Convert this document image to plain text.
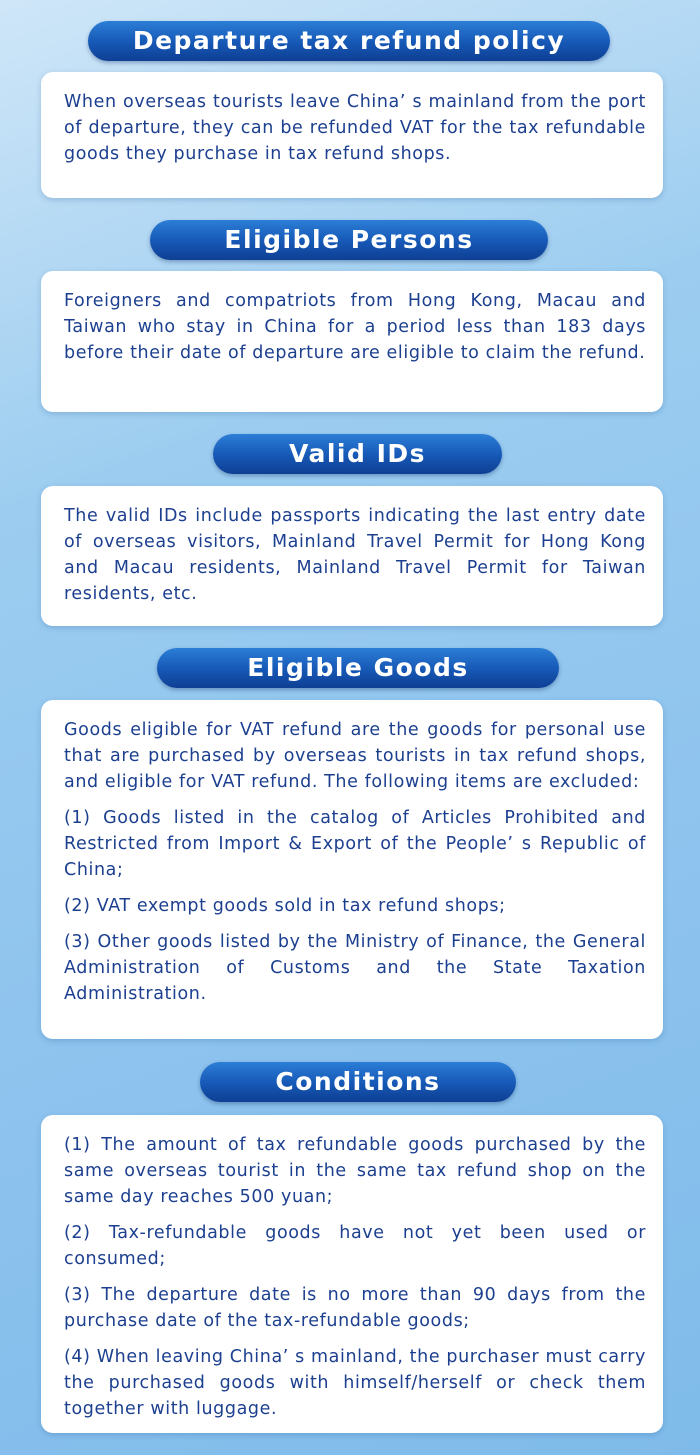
Departure tax refund policy

When overseas tourists leave China’ s mainland from the port of departure, they can be refunded VAT for the tax refundable goods they purchase in tax refund shops.

Eligible Persons

Foreigners and compatriots from Hong Kong, Macau and Taiwan who stay in China for a period less than 183 days before their date of departure are eligible to claim the refund.

Valid IDs

The valid IDs include passports indicating the last entry date of overseas visitors, Mainland Travel Permit for Hong Kong and Macau residents, Mainland Travel Permit for Taiwan residents, etc.

Eligible Goods

Goods eligible for VAT refund are the goods for personal use that are purchased by overseas tourists in tax refund shops, and eligible for VAT refund. The following items are excluded:

(1) Goods listed in the catalog of Articles Prohibited and Restricted from Import & Export of the People’ s Republic of China;

(2) VAT exempt goods sold in tax refund shops;

(3) Other goods listed by the Ministry of Finance, the General Administration of Customs and the State Taxation Administration.

Conditions

(1) The amount of tax refundable goods purchased by the same overseas tourist in the same tax refund shop on the same day reaches 500 yuan;

(2) Tax-refundable goods have not yet been used or consumed;

(3) The departure date is no more than 90 days from the purchase date of the tax-refundable goods;

(4) When leaving China’ s mainland, the purchaser must carry the purchased goods with himself/herself or check them together with luggage.
